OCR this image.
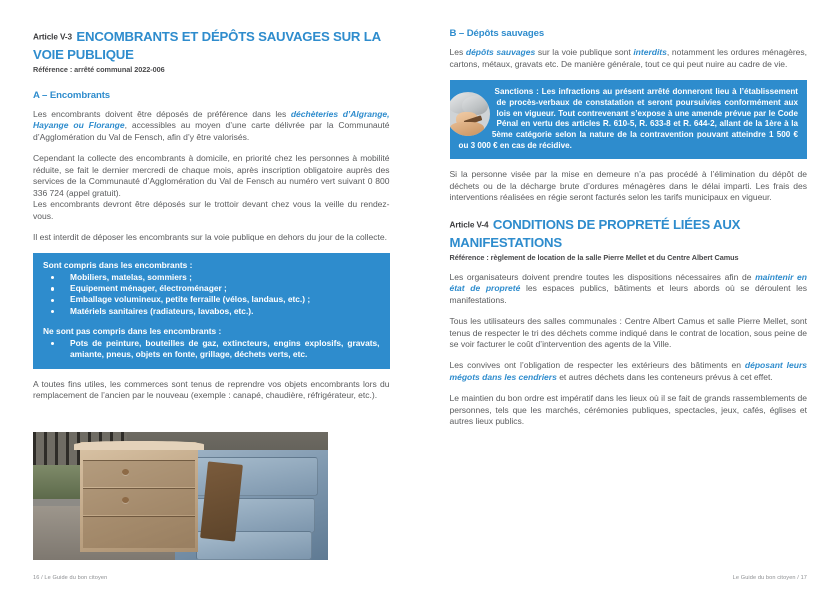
Article V-3 ENCOMBRANTS ET DÉPÔTS SAUVAGES SUR LA VOIE PUBLIQUE
Référence : arrêté communal 2022-006
A – Encombrants

Les encombrants doivent être déposés de préférence dans les déchèteries d’Algrange, Hayange ou Florange, accessibles au moyen d’une carte délivrée par la Communauté d’Agglomération du Val de Fensch, afin d’y être valorisés.

Cependant la collecte des encombrants à domicile, en priorité chez les personnes à mobilité réduite, se fait le dernier mercredi de chaque mois, après inscription obligatoire auprès des services de la Communauté d’Agglomération du Val de Fensch au numéro vert suivant 0 800 336 724 (appel gratuit).

Les encombrants devront être déposés sur le trottoir devant chez vous la veille du rendez-vous.

Il est interdit de déposer les encombrants sur la voie publique en dehors du jour de la collecte.

Sont compris dans les encombrants :

Mobiliers, matelas, sommiers ;
Equipement ménager, électroménager ;
Emballage volumineux, petite ferraille (vélos, landaus, etc.) ;
Matériels sanitaires (radiateurs, lavabos, etc.).

Ne sont pas compris dans les encombrants :

Pots de peinture, bouteilles de gaz, extincteurs, engins explosifs, gravats, amiante, pneus, objets en fonte, grillage, déchets verts, etc.

A toutes fins utiles, les commerces sont tenus de reprendre vos objets encombrants lors du remplacement de l’ancien par le nouveau (exemple : canapé, chaudière, réfrigérateur, etc.).

16 / Le Guide du bon citoyen
B – Dépôts sauvages

Les dépôts sauvages sur la voie publique sont interdits, notamment les ordures ménagères, cartons, métaux, gravats etc. De manière générale, tout ce qui peut nuire au cadre de vie.

Sanctions : Les infractions au présent arrêté donneront lieu à l’établissement de procès-verbaux de constatation et seront poursuivies conformément aux lois en vigueur. Tout contrevenant s’expose à une amende prévue par le Code Pénal en vertu des articles R. 610-5, R. 633-8 et R. 644-2, allant de la 1ère à la 5ème catégorie selon la nature de la contravention pouvant atteindre 1 500 € ou 3 000 € en cas de récidive.

Si la personne visée par la mise en demeure n’a pas procédé à l’élimination du dépôt de déchets ou de la décharge brute d’ordures ménagères dans le délai imparti. Les frais des interventions réalisées en régie seront facturés selon les tarifs municipaux en vigueur.

Article V-4 CONDITIONS DE PROPRETÉ LIÉES AUX MANIFESTATIONS
Référence : règlement de location de la salle Pierre Mellet et du Centre Albert Camus

Les organisateurs doivent prendre toutes les dispositions nécessaires afin de maintenir en état de propreté les espaces publics, bâtiments et leurs abords où se déroulent les manifestations.

Tous les utilisateurs des salles communales : Centre Albert Camus et salle Pierre Mellet, sont tenus de respecter le tri des déchets comme indiqué dans le contrat de location, sous peine de se voir facturer le coût d’intervention des agents de la Ville.

Les convives ont l’obligation de respecter les extérieurs des bâtiments en déposant leurs mégots dans les cendriers et autres déchets dans les conteneurs prévus à cet effet.

Le maintien du bon ordre est impératif dans les lieux où il se fait de grands rassemblements de personnes, tels que les marchés, cérémonies publiques, spectacles, jeux, cafés, églises et autres lieux publics.

Le Guide du bon citoyen / 17
